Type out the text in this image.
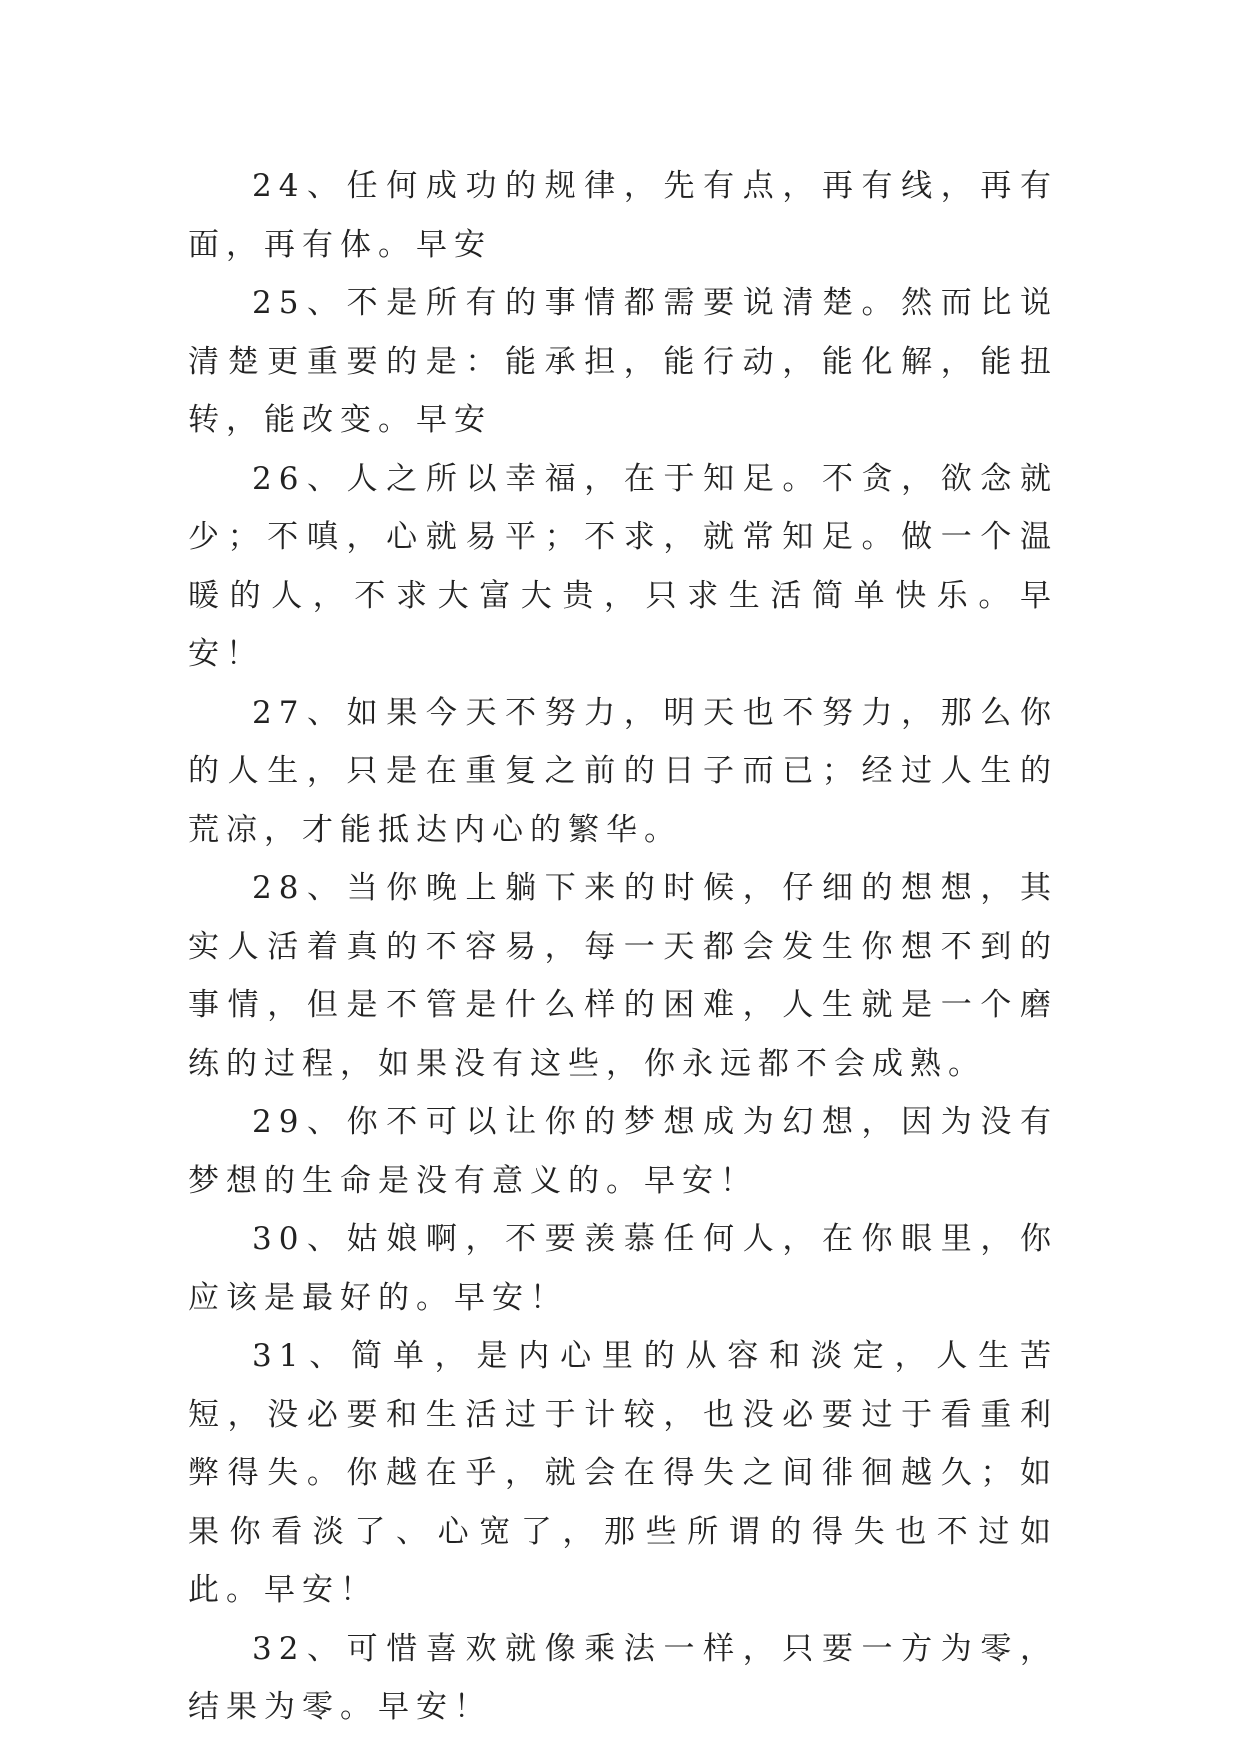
24、任何成功的规律，先有点，再有线，再有面，再有体。早安

25、不是所有的事情都需要说清楚。然而比说清楚更重要的是：能承担，能行动，能化解，能扭转，能改变。早安

26、人之所以幸福，在于知足。不贪，欲念就少；不嗔，心就易平；不求，就常知足。做一个温暖的人，不求大富大贵，只求生活简单快乐。早安！

27、如果今天不努力，明天也不努力，那么你的人生，只是在重复之前的日子而已；经过人生的荒凉，才能抵达内心的繁华。

28、当你晚上躺下来的时候，仔细的想想，其实人活着真的不容易，每一天都会发生你想不到的事情，但是不管是什么样的困难，人生就是一个磨练的过程，如果没有这些，你永远都不会成熟。

29、你不可以让你的梦想成为幻想，因为没有梦想的生命是没有意义的。早安！

30、姑娘啊，不要羡慕任何人，在你眼里，你应该是最好的。早安！

31、简单，是内心里的从容和淡定，人生苦短，没必要和生活过于计较，也没必要过于看重利弊得失。你越在乎，就会在得失之间徘徊越久；如果你看淡了、心宽了，那些所谓的得失也不过如此。早安！

32、可惜喜欢就像乘法一样，只要一方为零，结果为零。早安！
